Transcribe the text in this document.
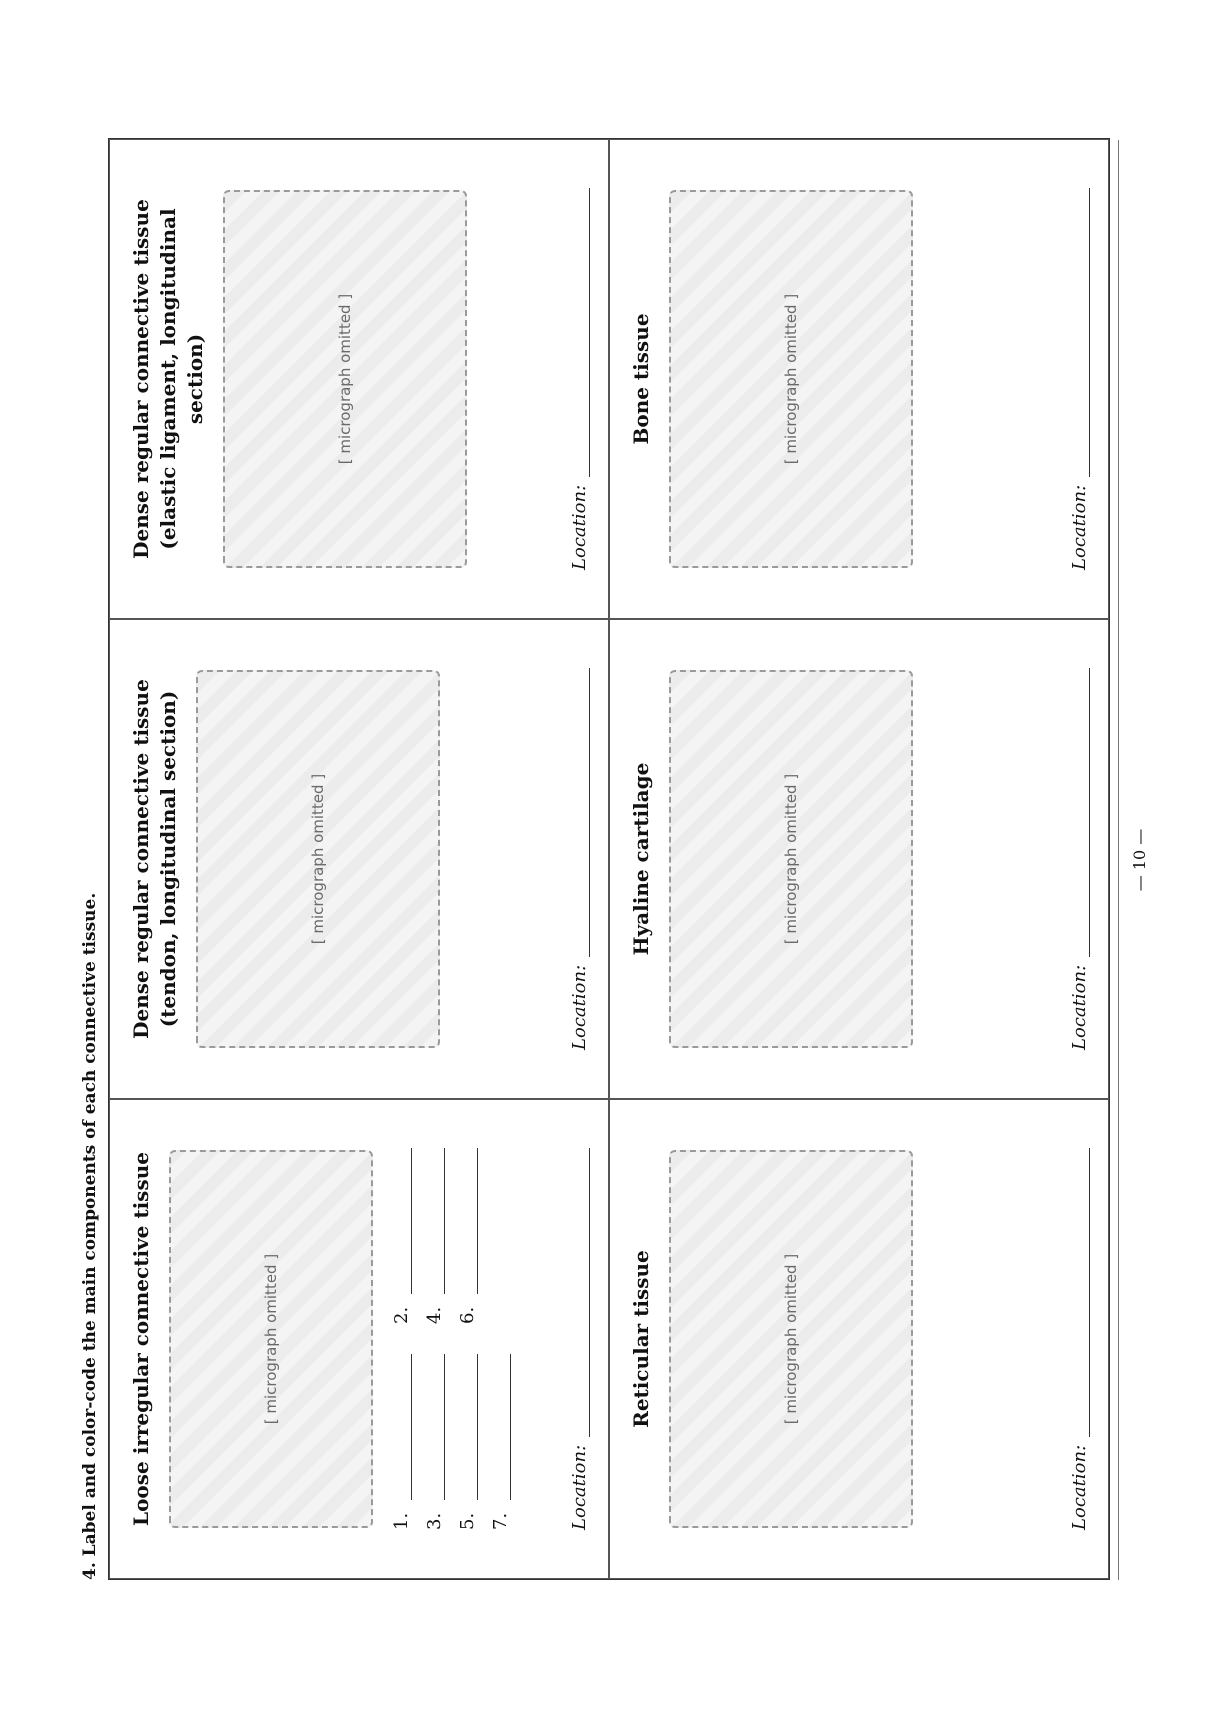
4. Label and color-code the main components of each connective tissue. Loose irregular connective tissue	[ micrograph omitted ]
1.
2.
3.
4.
5.
6.
7.	Location:
Dense regular connective tissue (tendon, longitudinal section)	[ micrograph omitted ]
Location:
Dense regular connective tissue (elastic ligament, longitudinal section)	[ micrograph omitted ]
Location:
Reticular tissue	[ micrograph omitted ]
Location:
Hyaline cartilage	[ micrograph omitted ]
Location:
Bone tissue	[ micrograph omitted ]
Location:
— 10 —
